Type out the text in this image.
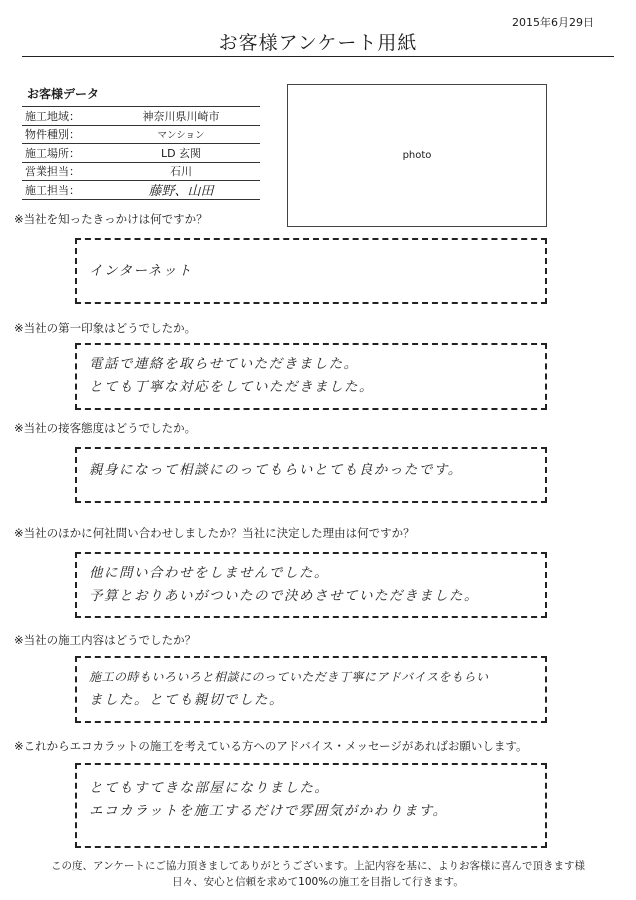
2015年6月29日
お客様アンケート用紙
お客様データ
施工地域：	神奈川県川崎市
物件種別：	マンション
施工場所：	LD 玄関
営業担当：	石川
施工担当：	藤野、山田
photo
※当社を知ったきっかけは何ですか？
インターネット
※当社の第一印象はどうでしたか。
電話で連絡を取らせていただきました。
とても丁寧な対応をしていただきました。
※当社の接客態度はどうでしたか。
親身になって相談にのってもらいとても良かったです。
※当社のほかに何社問い合わせしましたか？当社に決定した理由は何ですか？
他に問い合わせをしませんでした。
予算とおりあいがついたので決めさせていただきました。
※当社の施工内容はどうでしたか？
施工の時もいろいろと相談にのっていただき丁寧にアドバイスをもらい
ました。とても親切でした。
※これからエコカラットの施工を考えている方へのアドバイス・メッセージがあればお願いします。
とてもすてきな部屋になりました。
エコカラットを施工するだけで雰囲気がかわります。
この度、アンケートにご協力頂きましてありがとうございます。上記内容を基に、よりお客様に喜んで頂きます様
日々、安心と信頼を求めて100%の施工を目指して行きます。
